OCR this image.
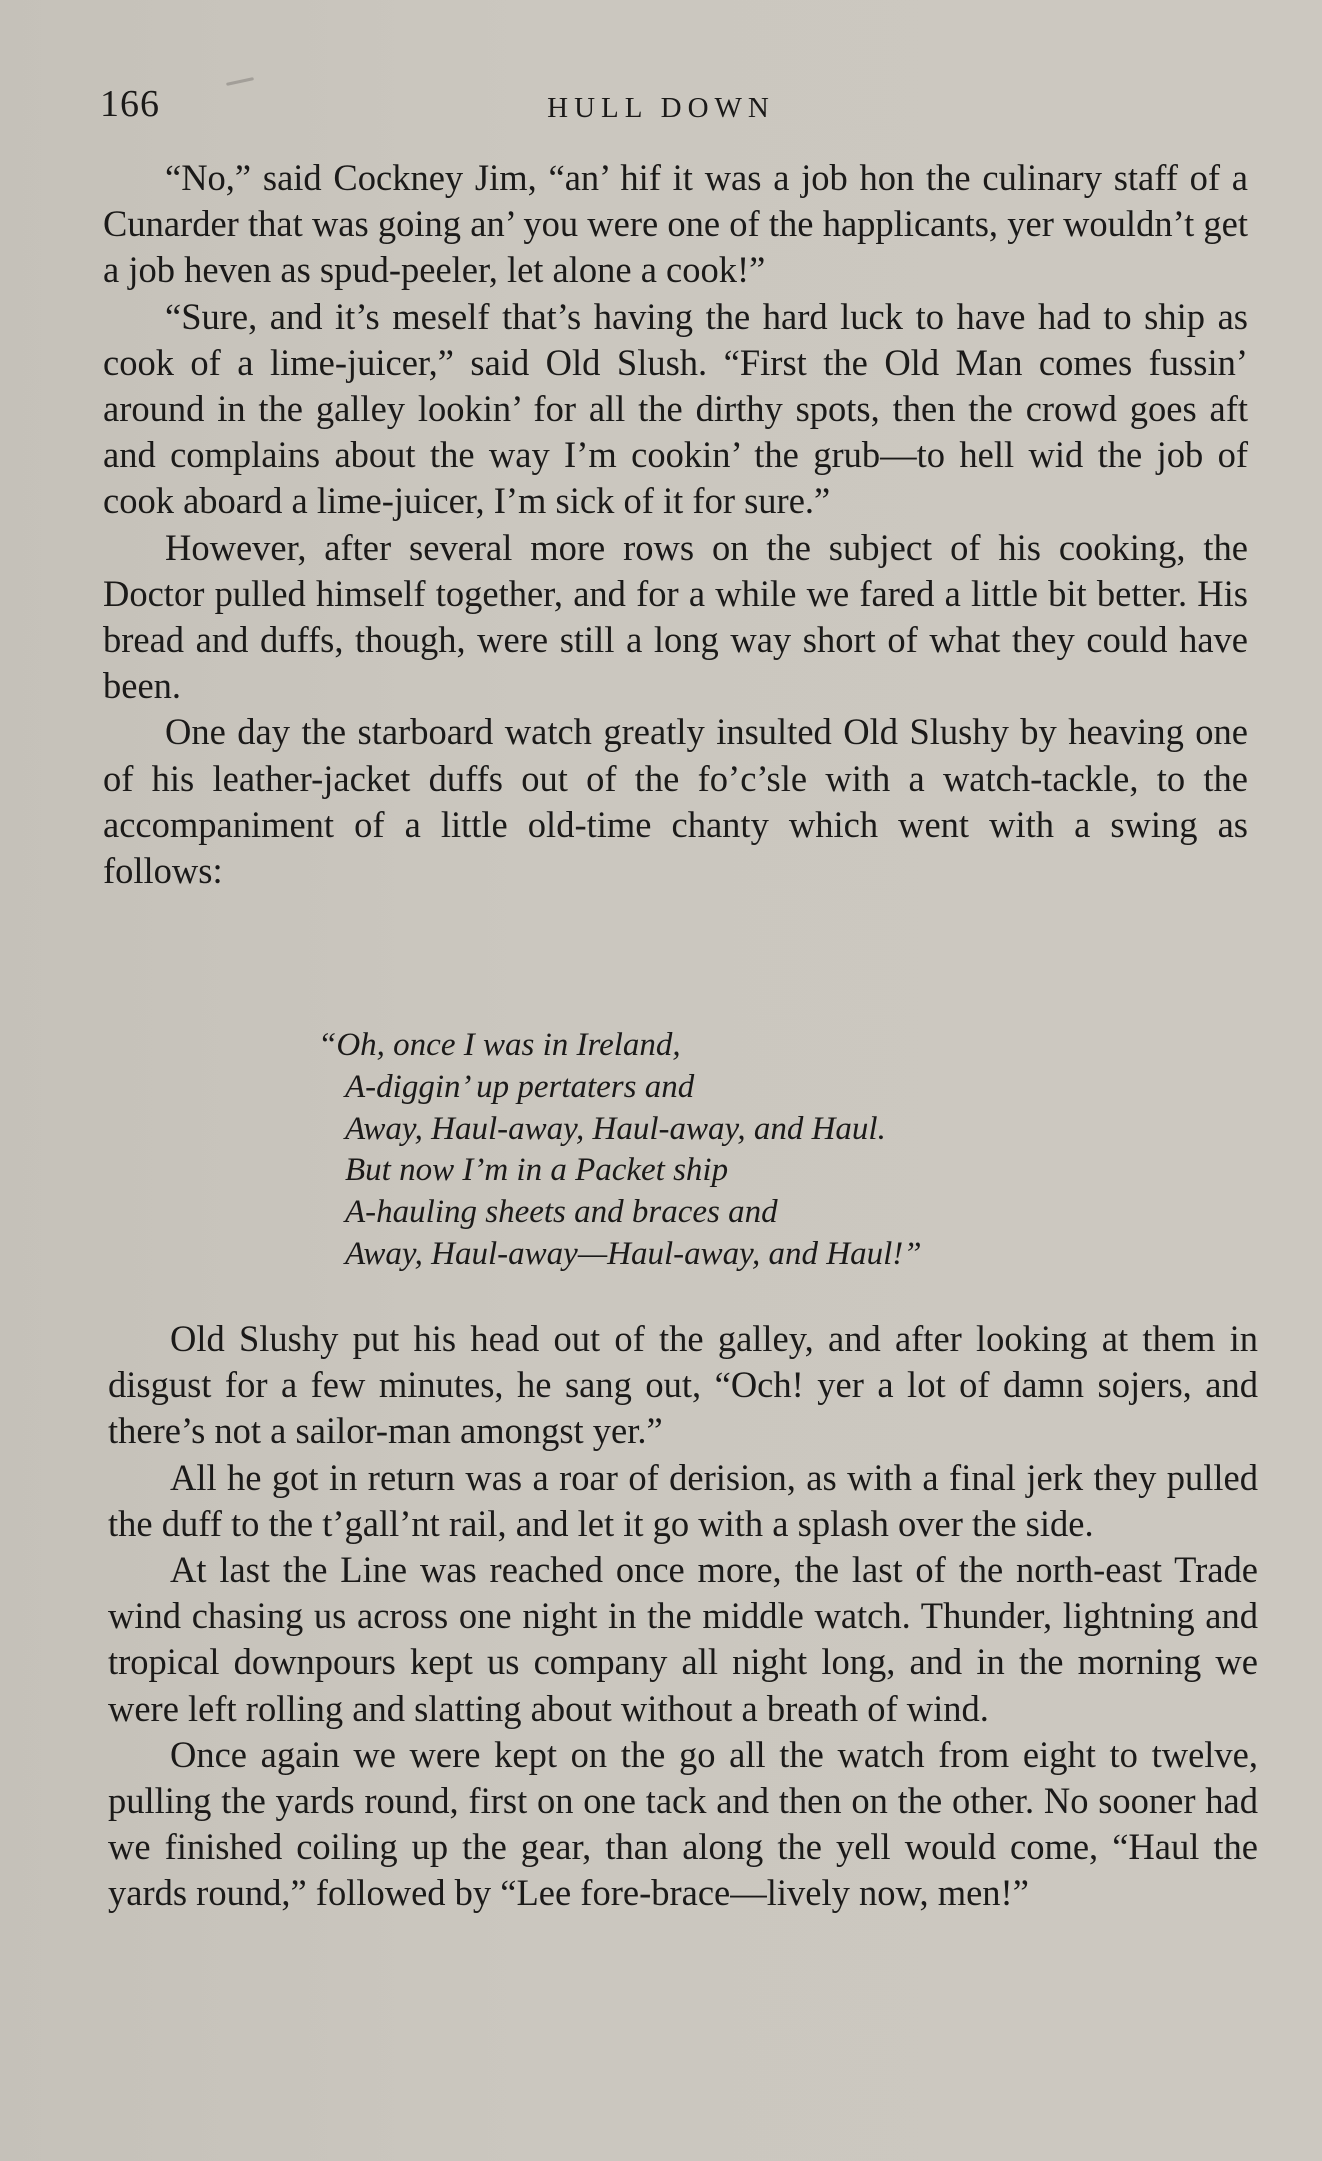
166	HULL DOWN

“No,” said Cockney Jim, “an’ hif it was a job hon the culinary staff of a Cunarder that was going an’ you were one of the happlicants, yer wouldn’t get a job heven as spud-peeler, let alone a cook!”

“Sure, and it’s meself that’s having the hard luck to have had to ship as cook of a lime-juicer,” said Old Slush. “First the Old Man comes fussin’ around in the galley lookin’ for all the dirthy spots, then the crowd goes aft and complains about the way I’m cookin’ the grub—to hell wid the job of cook aboard a lime-juicer, I’m sick of it for sure.”

However, after several more rows on the subject of his cooking, the Doctor pulled himself together, and for a while we fared a little bit better. His bread and duffs, though, were still a long way short of what they could have been.

One day the starboard watch greatly insulted Old Slushy by heaving one of his leather-jacket duffs out of the fo’c’sle with a watch-tackle, to the accompaniment of a little old-time chanty which went with a swing as follows:

“Oh, once I was in Ireland,
A-diggin’ up pertaters and
Away, Haul-away, Haul-away, and Haul.
But now I’m in a Packet ship
A-hauling sheets and braces and
Away, Haul-away—Haul-away, and Haul!”

Old Slushy put his head out of the galley, and after looking at them in disgust for a few minutes, he sang out, “Och! yer a lot of damn sojers, and there’s not a sailor-man amongst yer.”

All he got in return was a roar of derision, as with a final jerk they pulled the duff to the t’gall’nt rail, and let it go with a splash over the side.

At last the Line was reached once more, the last of the north-east Trade wind chasing us across one night in the middle watch. Thunder, lightning and tropical downpours kept us company all night long, and in the morning we were left rolling and slatting about without a breath of wind.

Once again we were kept on the go all the watch from eight to twelve, pulling the yards round, first on one tack and then on the other. No sooner had we finished coiling up the gear, than along the yell would come, “Haul the yards round,” followed by “Lee fore-brace—lively now, men!”
